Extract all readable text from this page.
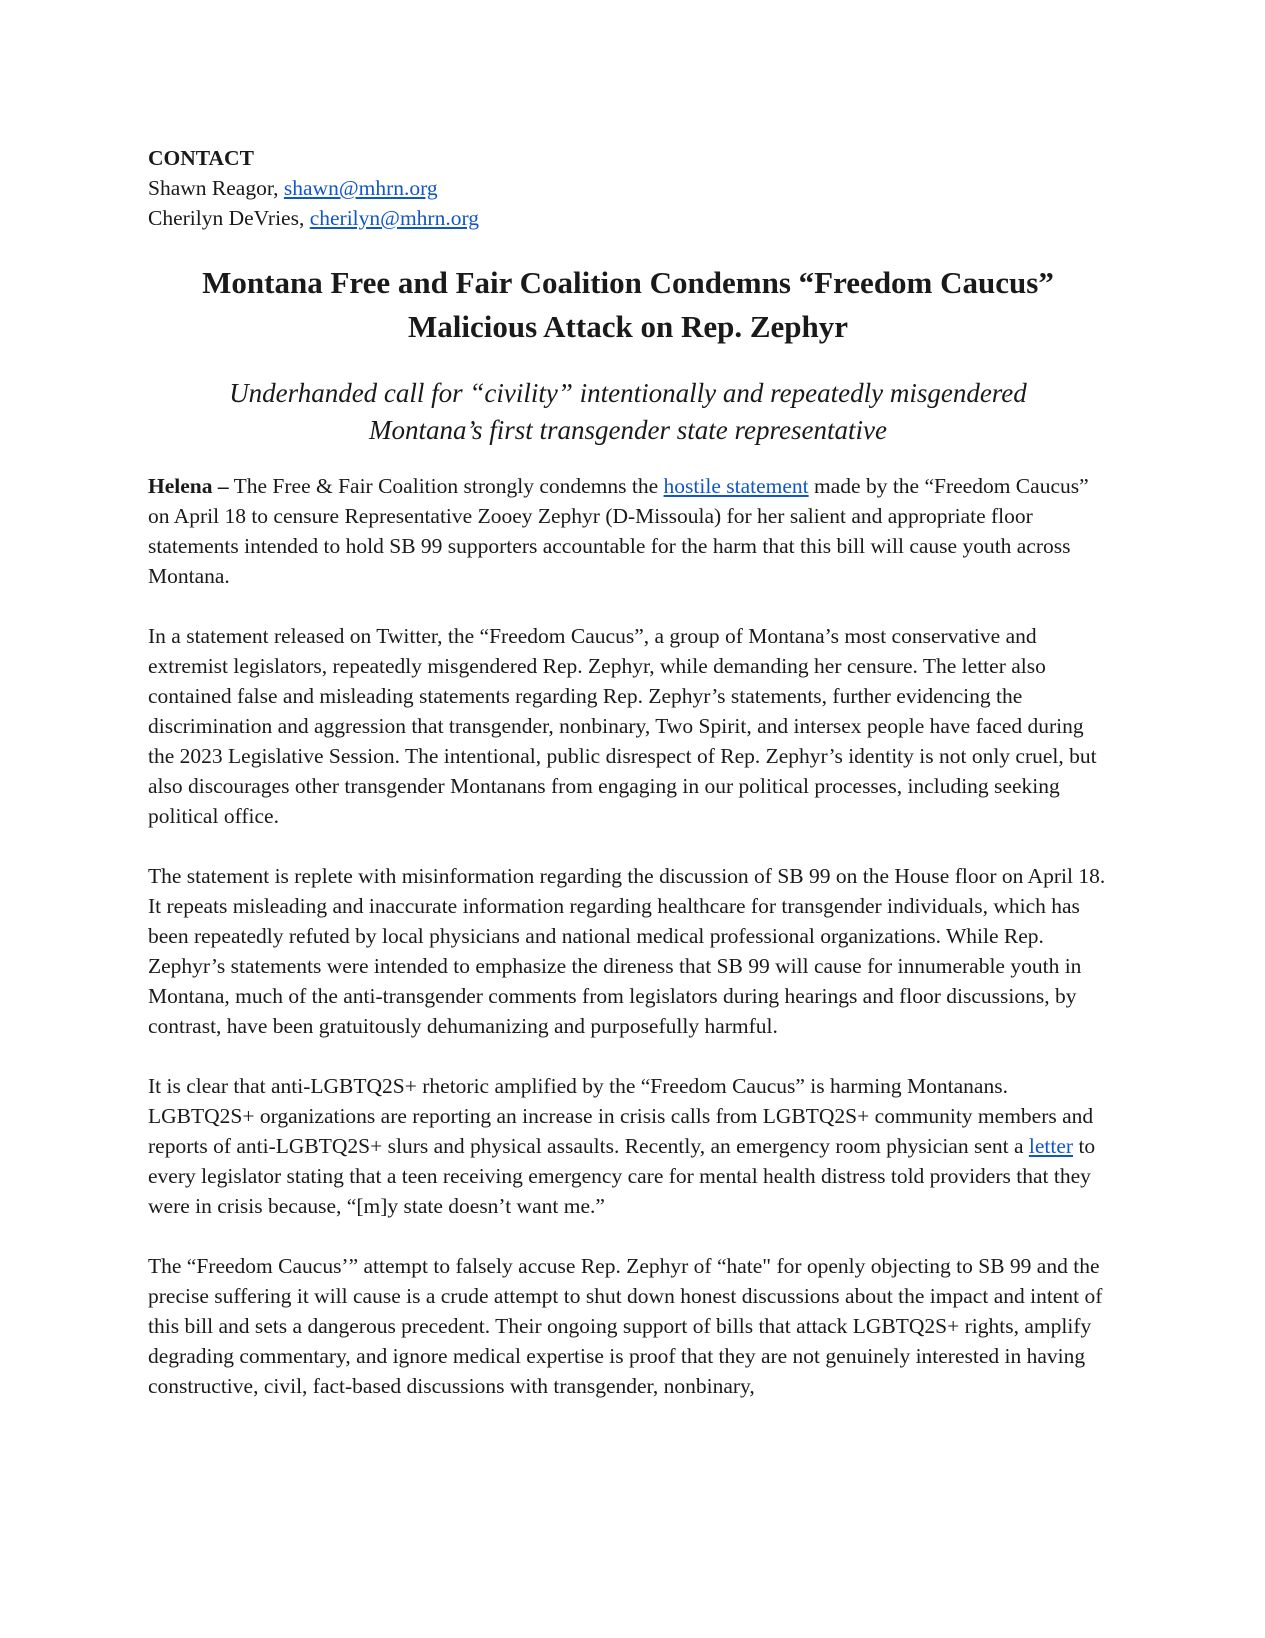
CONTACT
Shawn Reagor, shawn@mhrn.org
Cherilyn DeVries, cherilyn@mhrn.org
Montana Free and Fair Coalition Condemns “Freedom Caucus”
Malicious Attack on Rep. Zephyr
Underhanded call for “civility” intentionally and repeatedly misgendered
Montana’s first transgender state representative

Helena – The Free & Fair Coalition strongly condemns the hostile statement made by the “Freedom Caucus” on April 18 to censure Representative Zooey Zephyr (D-Missoula) for her salient and appropriate floor statements intended to hold SB 99 supporters accountable for the harm that this bill will cause youth across Montana.

In a statement released on Twitter, the “Freedom Caucus”, a group of Montana’s most conservative and extremist legislators, repeatedly misgendered Rep. Zephyr, while demanding her censure. The letter also contained false and misleading statements regarding Rep. Zephyr’s statements, further evidencing the discrimination and aggression that transgender, nonbinary, Two Spirit, and intersex people have faced during the 2023 Legislative Session. The intentional, public disrespect of Rep. Zephyr’s identity is not only cruel, but also discourages other transgender Montanans from engaging in our political processes, including seeking political office.

The statement is replete with misinformation regarding the discussion of SB 99 on the House floor on April 18. It repeats misleading and inaccurate information regarding healthcare for transgender individuals, which has been repeatedly refuted by local physicians and national medical professional organizations. While Rep. Zephyr’s statements were intended to emphasize the direness that SB 99 will cause for innumerable youth in Montana, much of the anti-transgender comments from legislators during hearings and floor discussions, by contrast, have been gratuitously dehumanizing and purposefully harmful.

It is clear that anti-LGBTQ2S+ rhetoric amplified by the “Freedom Caucus” is harming Montanans. LGBTQ2S+ organizations are reporting an increase in crisis calls from LGBTQ2S+ community members and reports of anti-LGBTQ2S+ slurs and physical assaults. Recently, an emergency room physician sent a letter to every legislator stating that a teen receiving emergency care for mental health distress told providers that they were in crisis because, “[m]y state doesn’t want me.”

The “Freedom Caucus’” attempt to falsely accuse Rep. Zephyr of “hate" for openly objecting to SB 99 and the precise suffering it will cause is a crude attempt to shut down honest discussions about the impact and intent of this bill and sets a dangerous precedent. Their ongoing support of bills that attack LGBTQ2S+ rights, amplify degrading commentary, and ignore medical expertise is proof that they are not genuinely interested in having constructive, civil, fact-based discussions with transgender, nonbinary,
